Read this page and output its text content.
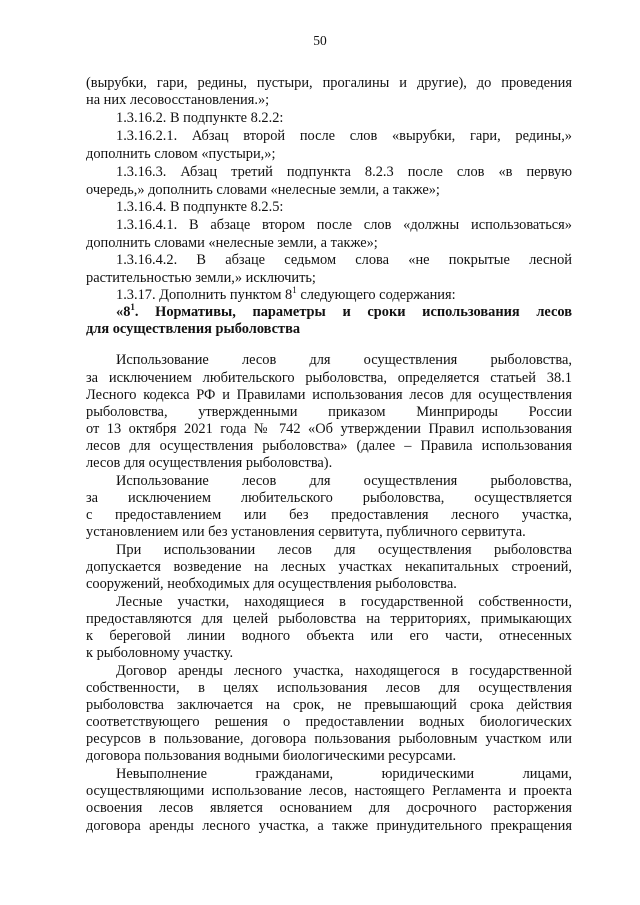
50
(вырубки, гари, редины, пустыри, прогалины и другие), до проведения
на них лесовосстановления.»;
1.3.16.2. В подпункте 8.2.2:
1.3.16.2.1. Абзац второй после слов «вырубки, гари, редины,»
дополнить словом «пустыри,»;
1.3.16.3. Абзац третий подпункта 8.2.3 после слов «в первую
очередь,» дополнить словами «нелесные земли, а также»;
1.3.16.4. В подпункте 8.2.5:
1.3.16.4.1. В абзаце втором после слов «должны использоваться»
дополнить словами «нелесные земли, а также»;
1.3.16.4.2. В абзаце седьмом слова «не покрытые лесной
растительностью земли,» исключить;
1.3.17. Дополнить пунктом $8^1$ следующего содержания:
«$8^1$. Нормативы, параметры и сроки использования лесов
для осуществления рыболовства
Использование лесов для осуществления рыболовства,
за исключением любительского рыболовства, определяется статьей 38.1
Лесного кодекса РФ и Правилами использования лесов для осуществления
рыболовства, утвержденными приказом Минприроды России
от 13 октября 2021 года № 742 «Об утверждении Правил использования
лесов для осуществления рыболовства» (далее – Правила использования
лесов для осуществления рыболовства).
Использование лесов для осуществления рыболовства,
за исключением любительского рыболовства, осуществляется
с предоставлением или без предоставления лесного участка,
установлением или без установления сервитута, публичного сервитута.
При использовании лесов для осуществления рыболовства
допускается возведение на лесных участках некапитальных строений,
сооружений, необходимых для осуществления рыболовства.
Лесные участки, находящиеся в государственной собственности,
предоставляются для целей рыболовства на территориях, примыкающих
к береговой линии водного объекта или его части, отнесенных
к рыболовному участку.
Договор аренды лесного участка, находящегося в государственной
собственности, в целях использования лесов для осуществления
рыболовства заключается на срок, не превышающий срока действия
соответствующего решения о предоставлении водных биологических
ресурсов в пользование, договора пользования рыболовным участком или
договора пользования водными биологическими ресурсами.
Невыполнение гражданами, юридическими лицами,
осуществляющими использование лесов, настоящего Регламента и проекта
освоения лесов является основанием для досрочного расторжения
договора аренды лесного участка, а также принудительного прекращения
